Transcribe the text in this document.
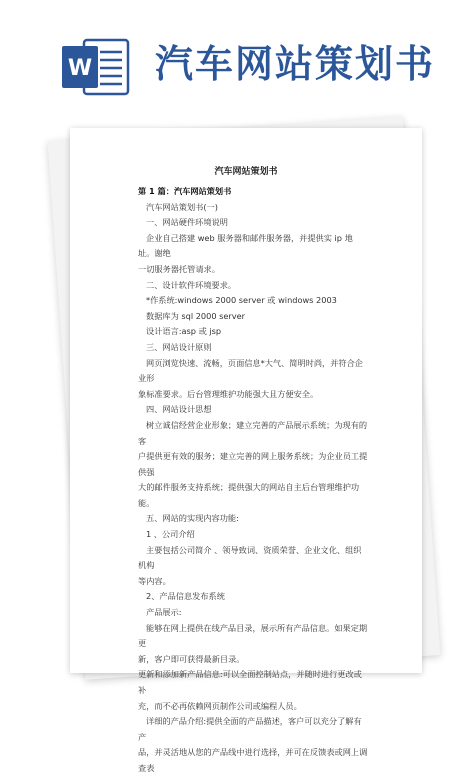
W 汽车网站策划书
汽车网站策划书

第 1 篇：汽车网站策划书

汽车网站策划书(一)

一、网站硬件环境说明

企业自己搭建 web 服务器和邮件服务器，并提供实 ip 地址。谢绝

一切服务器托管请求。

二、设计软件环境要求。

*作系统:windows 2000 server 或 windows 2003

数据库为 sql 2000 server

设计语言:asp 或 jsp

三、网站设计原则

网页浏览快速、流畅，页面信息*大气、简明时尚，并符合企业形

象标准要求。后台管理维护功能强大且方便安全。

四、网站设计思想

树立诚信经营企业形象；建立完善的产品展示系统；为现有的客

户提供更有效的服务；建立完善的网上服务系统；为企业员工提供强

大的邮件服务支持系统；提供强大的网站自主后台管理维护功能。

五、网站的实现内容功能:

1 、公司介绍

主要包括公司简介 、领导致词、资质荣誉、企业文化、组织机构

等内容。

2、产品信息发布系统

产品展示:

能够在网上提供在线产品目录，展示所有产品信息。如果定期更

新，客户即可获得最新目录。

更新和添加新产品信息:可以全面控制站点，并随时进行更改或补

充，而不必再依赖网页制作公司或编程人员。

详细的产品介绍:提供全面的产品描述，客户可以充分了解有产

品，并灵活地从您的产品线中进行选择，并可在反馈表或网上调查表
